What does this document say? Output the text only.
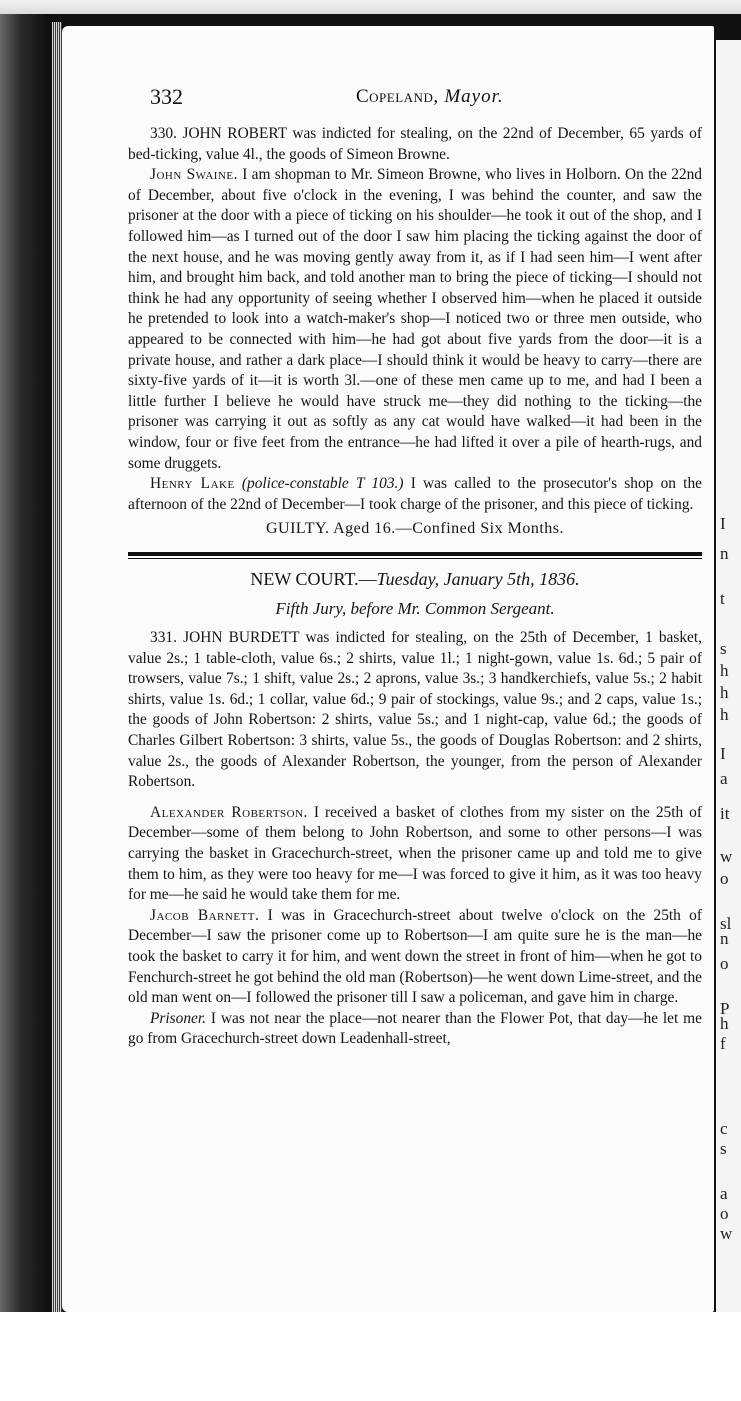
I
n
t
s
h
h
h
I
a
it
w
o
sl
n
o
P
h
f
c
s
a
o
w
332	Copeland, Mayor.

330. JOHN ROBERT was indicted for stealing, on the 22nd of December, 65 yards of bed-ticking, value 4l., the goods of Simeon Browne.

John Swaine. I am shopman to Mr. Simeon Browne, who lives in Holborn. On the 22nd of December, about five o'clock in the evening, I was behind the counter, and saw the prisoner at the door with a piece of ticking on his shoulder—he took it out of the shop, and I followed him—as I turned out of the door I saw him placing the ticking against the door of the next house, and he was moving gently away from it, as if I had seen him—I went after him, and brought him back, and told another man to bring the piece of ticking—I should not think he had any opportunity of seeing whether I observed him—when he placed it outside he pretended to look into a watch-maker's shop—I noticed two or three men outside, who appeared to be connected with him—he had got about five yards from the door—it is a private house, and rather a dark place—I should think it would be heavy to carry—there are sixty-five yards of it—it is worth 3l.—one of these men came up to me, and had I been a little further I believe he would have struck me—they did nothing to the ticking—the prisoner was carrying it out as softly as any cat would have walked—it had been in the window, four or five feet from the entrance—he had lifted it over a pile of hearth-rugs, and some druggets.

Henry Lake (police-constable T 103.) I was called to the prosecutor's shop on the afternoon of the 22nd of December—I took charge of the prisoner, and this piece of ticking.

GUILTY. Aged 16.—Confined Six Months.

NEW COURT.—Tuesday, January 5th, 1836.

Fifth Jury, before Mr. Common Sergeant.

331. JOHN BURDETT was indicted for stealing, on the 25th of December, 1 basket, value 2s.; 1 table-cloth, value 6s.; 2 shirts, value 1l.; 1 night-gown, value 1s. 6d.; 5 pair of trowsers, value 7s.; 1 shift, value 2s.; 2 aprons, value 3s.; 3 handkerchiefs, value 5s.; 2 habit shirts, value 1s. 6d.; 1 collar, value 6d.; 9 pair of stockings, value 9s.; and 2 caps, value 1s.; the goods of John Robertson: 2 shirts, value 5s.; and 1 night-cap, value 6d.; the goods of Charles Gilbert Robertson: 3 shirts, value 5s., the goods of Douglas Robertson: and 2 shirts, value 2s., the goods of Alexander Robertson, the younger, from the person of Alexander Robertson.

Alexander Robertson. I received a basket of clothes from my sister on the 25th of December—some of them belong to John Robertson, and some to other persons—I was carrying the basket in Gracechurch-street, when the prisoner came up and told me to give them to him, as they were too heavy for me—I was forced to give it him, as it was too heavy for me—he said he would take them for me.

Jacob Barnett. I was in Gracechurch-street about twelve o'clock on the 25th of December—I saw the prisoner come up to Robertson—I am quite sure he is the man—he took the basket to carry it for him, and went down the street in front of him—when he got to Fenchurch-street he got behind the old man (Robertson)—he went down Lime-street, and the old man went on—I followed the prisoner till I saw a policeman, and gave him in charge.

Prisoner. I was not near the place—not nearer than the Flower Pot, that day—he let me go from Gracechurch-street down Leadenhall-street,
